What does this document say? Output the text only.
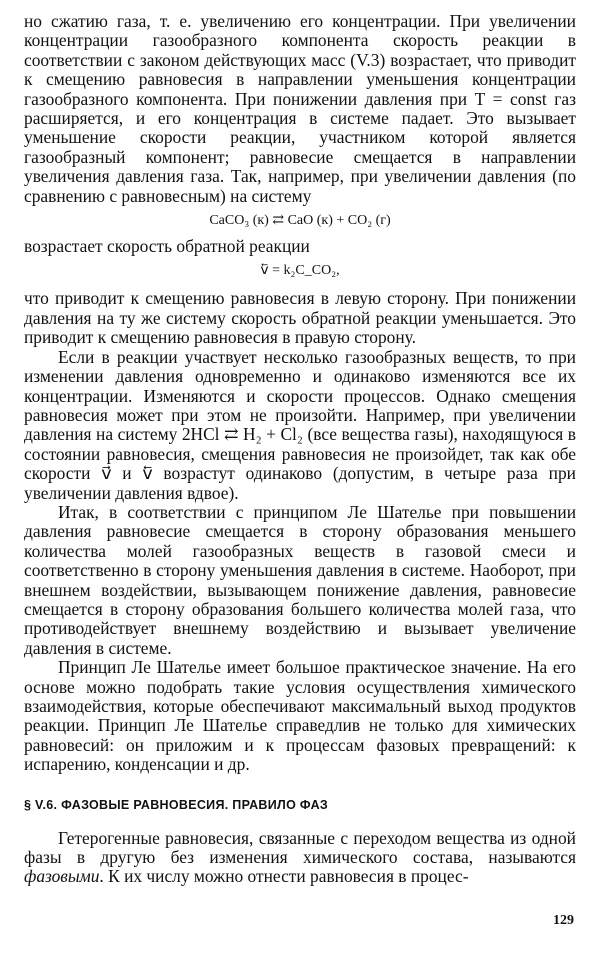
но сжатию газа, т. е. увеличению его концентрации. При увеличении концентрации газообразного компонента скорость реакции в соответствии с законом действующих масс (V.3) возрастает, что приводит к смещению равновесия в направлении уменьшения концентрации газообразного компонента. При понижении давления при T = const газ расширяется, и его концентрация в системе падает. Это вызывает уменьшение скорости реакции, участником которой является газообразный компонент; равновесие смещается в направлении увеличения давления газа. Так, например, при увеличении давления (по сравнению с равновесным) на систему

CaCO₃ (к) ⇄ CaO (к) + CO₂ (г)

возрастает скорость обратной реакции

v⃖ = k₂C_CO₂,

что приводит к смещению равновесия в левую сторону. При понижении давления на ту же систему скорость обратной реакции уменьшается. Это приводит к смещению равновесия в правую сторону.

Если в реакции участвует несколько газообразных веществ, то при изменении давления одновременно и одинаково изменяются все их концентрации. Изменяются и скорости процессов. Однако смещения равновесия может при этом не произойти. Например, при увеличении давления на систему 2HCl ⇄ H₂ + Cl₂ (все вещества газы), находящуюся в состоянии равновесия, смещения равновесия не произойдет, так как обе скорости v⃗ и v⃖ возрастут одинаково (допустим, в четыре раза при увеличении давления вдвое).

Итак, в соответствии с принципом Ле Шателье при повышении давления равновесие смещается в сторону образования меньшего количества молей газообразных веществ в газовой смеси и соответственно в сторону уменьшения давления в системе. Наоборот, при внешнем воздействии, вызывающем понижение давления, равновесие смещается в сторону образования большего количества молей газа, что противодействует внешнему воздействию и вызывает увеличение давления в системе.

Принцип Ле Шателье имеет большое практическое значение. На его основе можно подобрать такие условия осуществления химического взаимодействия, которые обеспечивают максимальный выход продуктов реакции. Принцип Ле Шателье справедлив не только для химических равновесий: он приложим и к процессам фазовых превращений: к испарению, конденсации и др.

§ V.6. ФАЗОВЫЕ РАВНОВЕСИЯ. ПРАВИЛО ФАЗ

Гетерогенные равновесия, связанные с переходом вещества из одной фазы в другую без изменения химического состава, называются фазовыми. К их числу можно отнести равновесия в процес-

129
